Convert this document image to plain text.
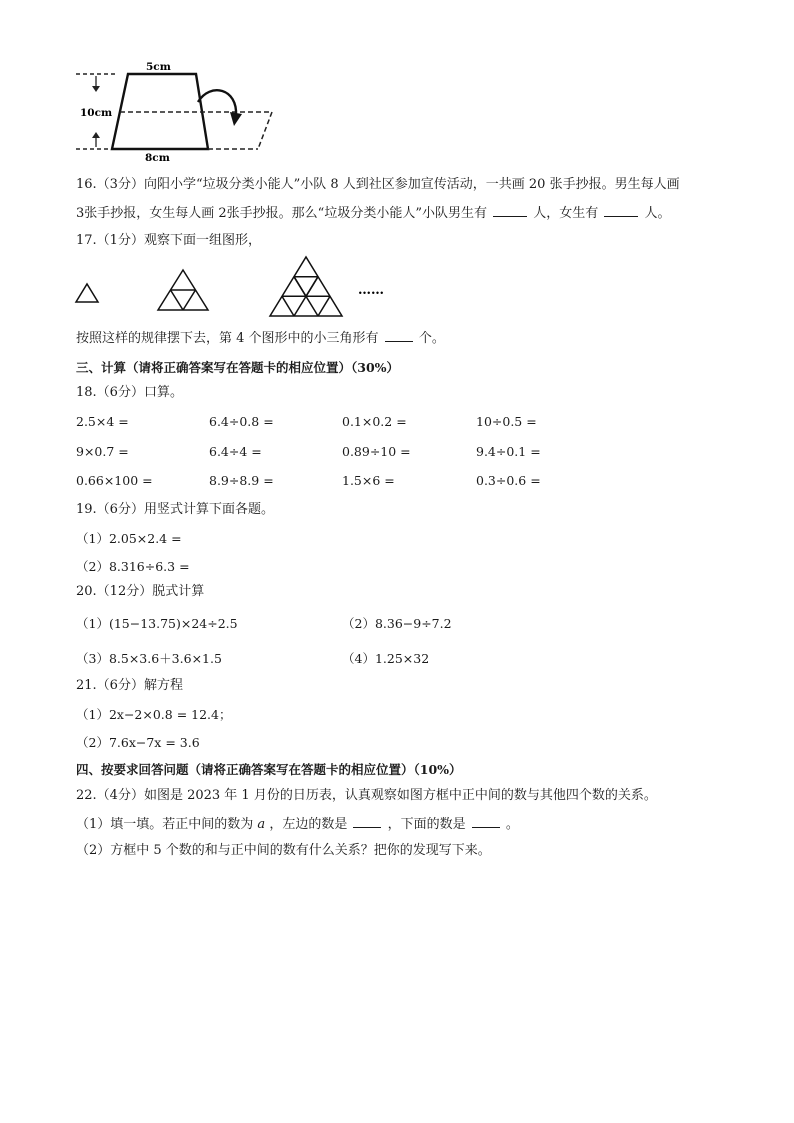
10cm
5cm
8cm
16.（3分）向阳小学“垃圾分类小能人”小队 8 人到社区参加宣传活动，一共画 20 张手抄报。男生每人画
3张手抄报，女生每人画 2张手抄报。那么“垃圾分类小能人”小队男生有	人，女生有	人。
17.（1分）观察下面一组图形，
……
按照这样的规律摆下去，第 4 个图形中的小三角形有	个。
三、计算（请将正确答案写在答题卡的相应位置）（30%）
18.（6分）口算。
2.5×4 =	6.4÷0.8 =	0.1×0.2 =	10÷0.5 =
9×0.7 =	6.4÷4 =	0.89÷10 =	9.4÷0.1 =
0.66×100 =	8.9÷8.9 =	1.5×6 =	0.3÷0.6 =
19.（6分）用竖式计算下面各题。
（1）2.05×2.4 =
（2）8.316÷6.3 =
20.（12分）脱式计算
（1）(15−13.75)×24÷2.5	（2）8.36−9÷7.2
（3）8.5×3.6＋3.6×1.5	（4）1.25×32
21.（6分）解方程
（1）2x−2×0.8 = 12.4；
（2）7.6x−7x = 3.6
四、按要求回答问题（请将正确答案写在答题卡的相应位置）（10%）
22.（4分）如图是 2023 年 1 月份的日历表，认真观察如图方框中正中间的数与其他四个数的关系。
（1）填一填。若正中间的数为 a ，左边的数是	，下面的数是	。
（2）方框中 5 个数的和与正中间的数有什么关系？把你的发现写下来。
